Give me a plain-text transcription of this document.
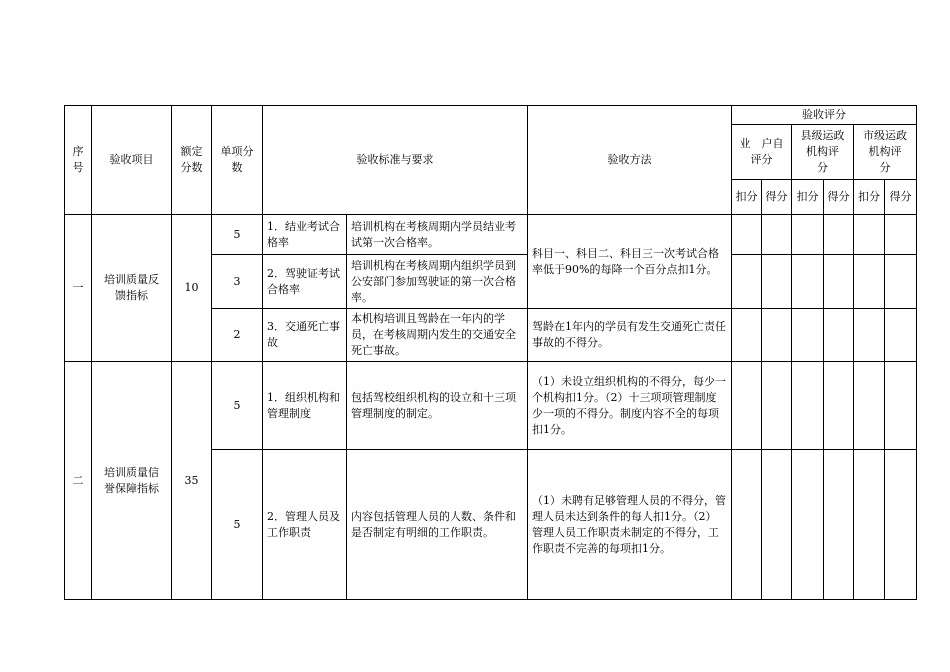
序号	验收项目	额定分数	单项分数	验收标准与要求		验收方法	验收评分					
							业　户自评分		县级运政机构评　分		市级运政机构评　分	
							扣分	得分	扣分	得分	扣分	得分
一	培训质量反馈指标	10	5	1．结业考试合格率	培训机构在考核周期内学员结业考试第一次合格率。	科目一、科目二、科目三一次考试合格率低于90%的每降一个百分点扣1分。						
			3	2．驾驶证考试合格率	培训机构在考核周期内组织学员到公安部门参加驾驶证的第一次合格率。							
			2	3．交通死亡事故	本机构培训且驾龄在一年内的学员，在考核周期内发生的交通安全死亡事故。	驾龄在1年内的学员有发生交通死亡责任事故的不得分。						
二	培训质量信誉保障指标	35	5	1．组织机构和管理制度	包括驾校组织机构的设立和十三项管理制度的制定。	（1）未设立组织机构的不得分，每少一个机构扣1分。（2）十三项项管理制度少一项的不得分。制度内容不全的每项扣1分。						
			5	2．管理人员及工作职责	内容包括管理人员的人数、条件和是否制定有明细的工作职责。	（1）未聘有足够管理人员的不得分，管理人员未达到条件的每人扣1分。（2）管理人员工作职责未制定的不得分，工作职责不完善的每项扣1分。						
